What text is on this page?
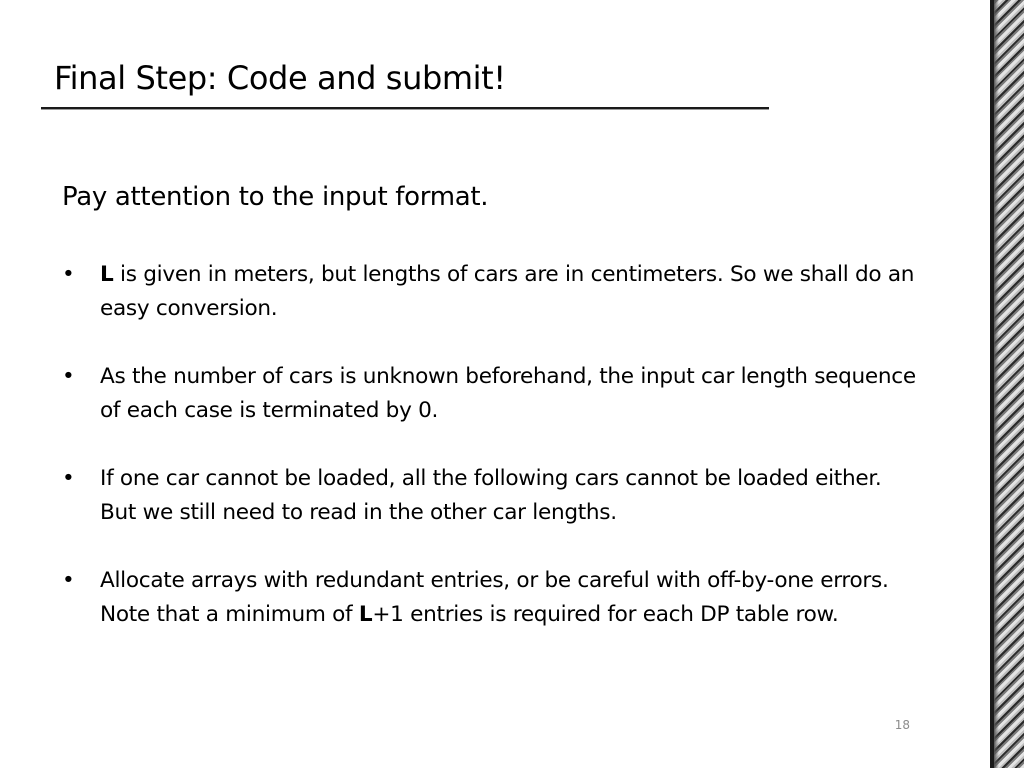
Final Step: Code and submit!
Pay attention to the input format.
•	L is given in meters, but lengths of cars are in centimeters. So we shall do an easy conversion.
•	As the number of cars is unknown beforehand, the input car length sequence of each case is terminated by 0.
•	If one car cannot be loaded, all the following cars cannot be loaded either. But we still need to read in the other car lengths.
•	Allocate arrays with redundant entries, or be careful with off-by-one errors. Note that a minimum of L+1 entries is required for each DP table row.
18
